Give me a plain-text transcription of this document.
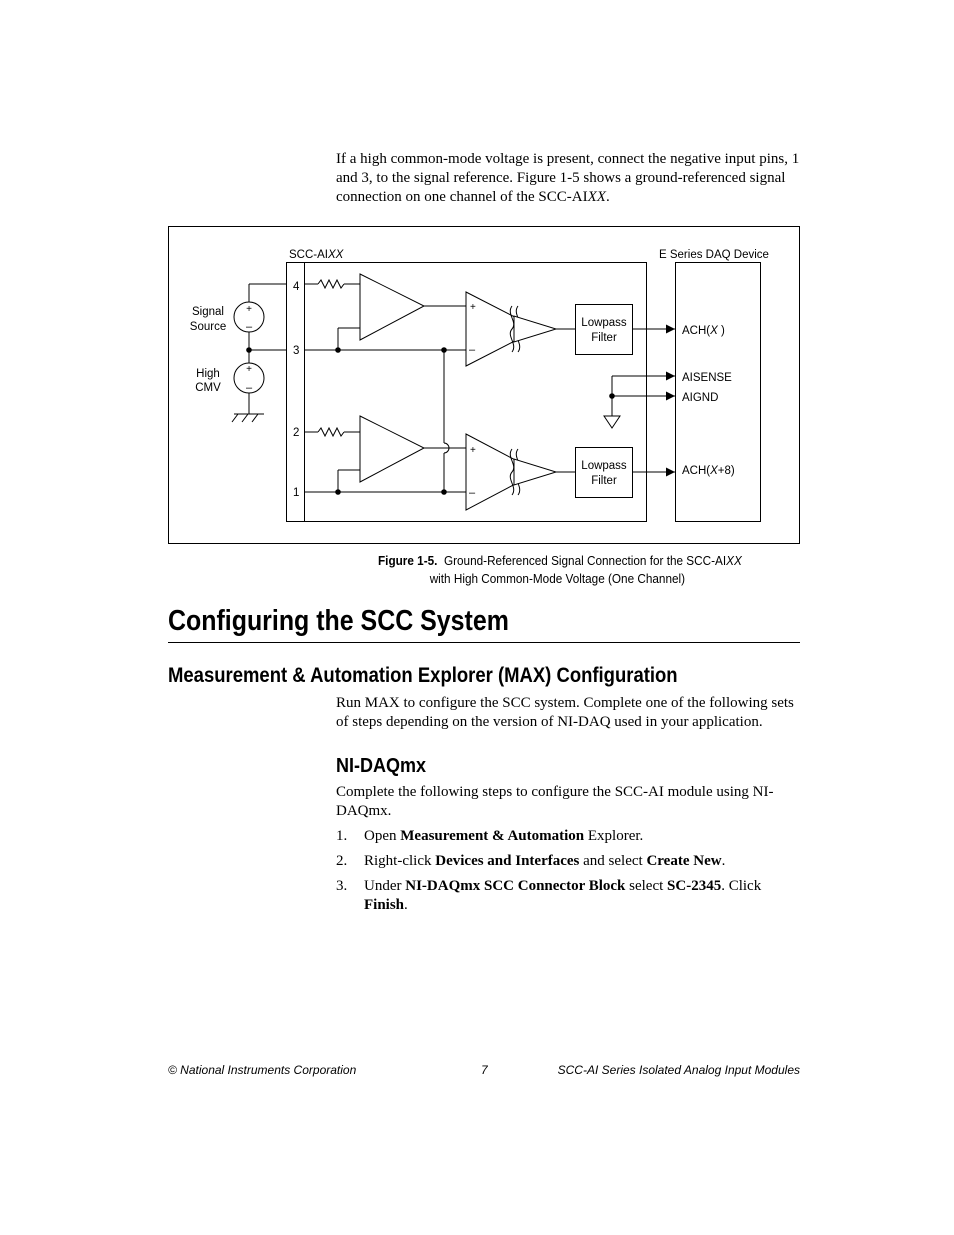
If a high common-mode voltage is present, connect the negative input pins, 1 and 3, to the signal reference. Figure 1-5 shows a ground-referenced signal connection on one channel of the SCC-AIXX.
SCC-AIXX	E Series DAQ Device
4
3
2
1
Signal Source
+
–
High CMV
+
–
+
–
Lowpass
Filter
ACH(X )
AISENSE
AIGND
+
–
Lowpass
Filter
ACH(X+8)
Figure 1-5. Ground-Referenced Signal Connection for the SCC-AIXX
with High Common-Mode Voltage (One Channel)
Configuring the SCC System
Measurement & Automation Explorer (MAX) Configuration
Run MAX to configure the SCC system. Complete one of the following sets of steps depending on the version of NI-DAQ used in your application.
NI-DAQmx
Complete the following steps to configure the SCC-AI module using NI-DAQmx.
1. Open Measurement & Automation Explorer.
2. Right-click Devices and Interfaces and select Create New.
3. Under NI-DAQmx SCC Connector Block select SC-2345. Click Finish.
© National Instruments Corporation	7	SCC-AI Series Isolated Analog Input Modules
